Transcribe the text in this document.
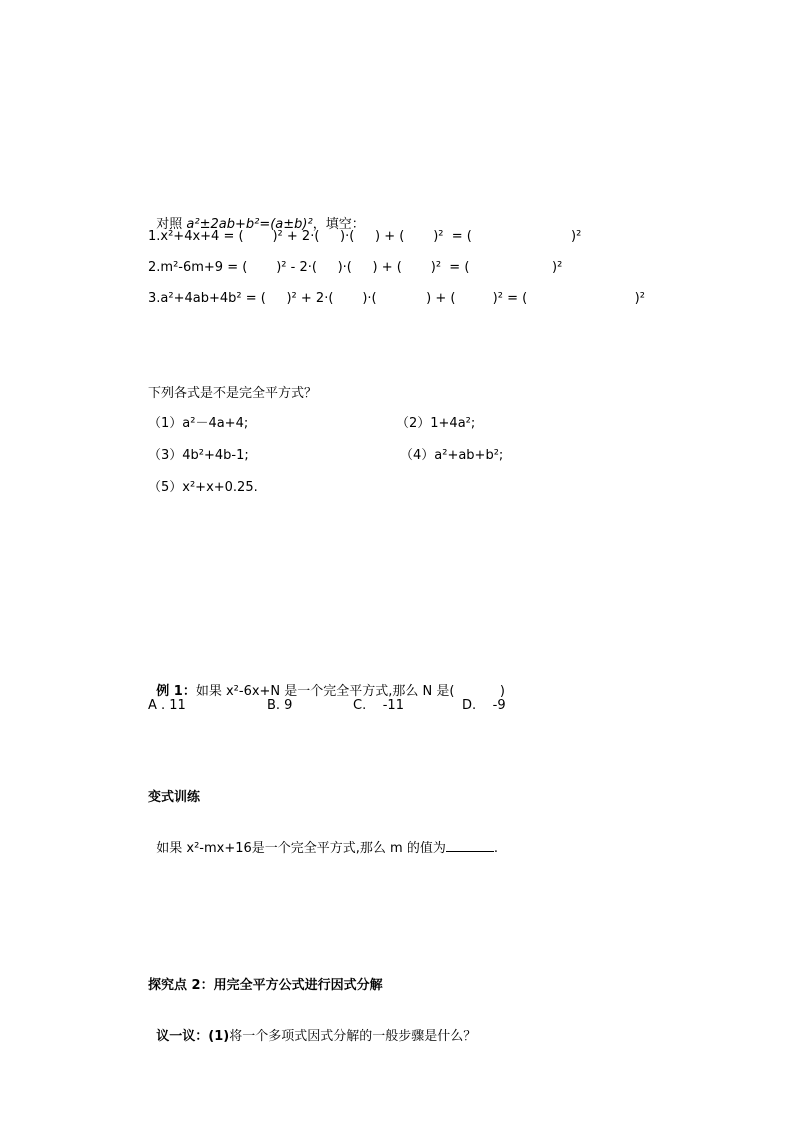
对照 a²±2ab+b²=(a±b)²，填空：

1.x²+4x+4 = (       )² + 2·(     )·(     ) + (       )²  = (                        )²
2.m²-6m+9 = (       )² - 2·(     )·(     ) + (       )²  = (                    )²
3.a²+4ab+4b² = (     )² + 2·(       )·(            ) + (         )² = (                          )²
下列各式是不是完全平方式？
（1）a²－4a+4;	（2）1+4a²;
（3）4b²+4b-1;	（4）a²+ab+b²;
（5）x²+x+0.25.

例 1：如果 x²-6x+N 是一个完全平方式,那么 N 是(           )

A . 11	B. 9	C.    -11	D.    -9
变式训练

如果 x²-mx+16是一个完全平方式,那么 m 的值为	.

探究点 2：用完全平方公式进行因式分解

议一议：(1)将一个多项式因式分解的一般步骤是什么？
